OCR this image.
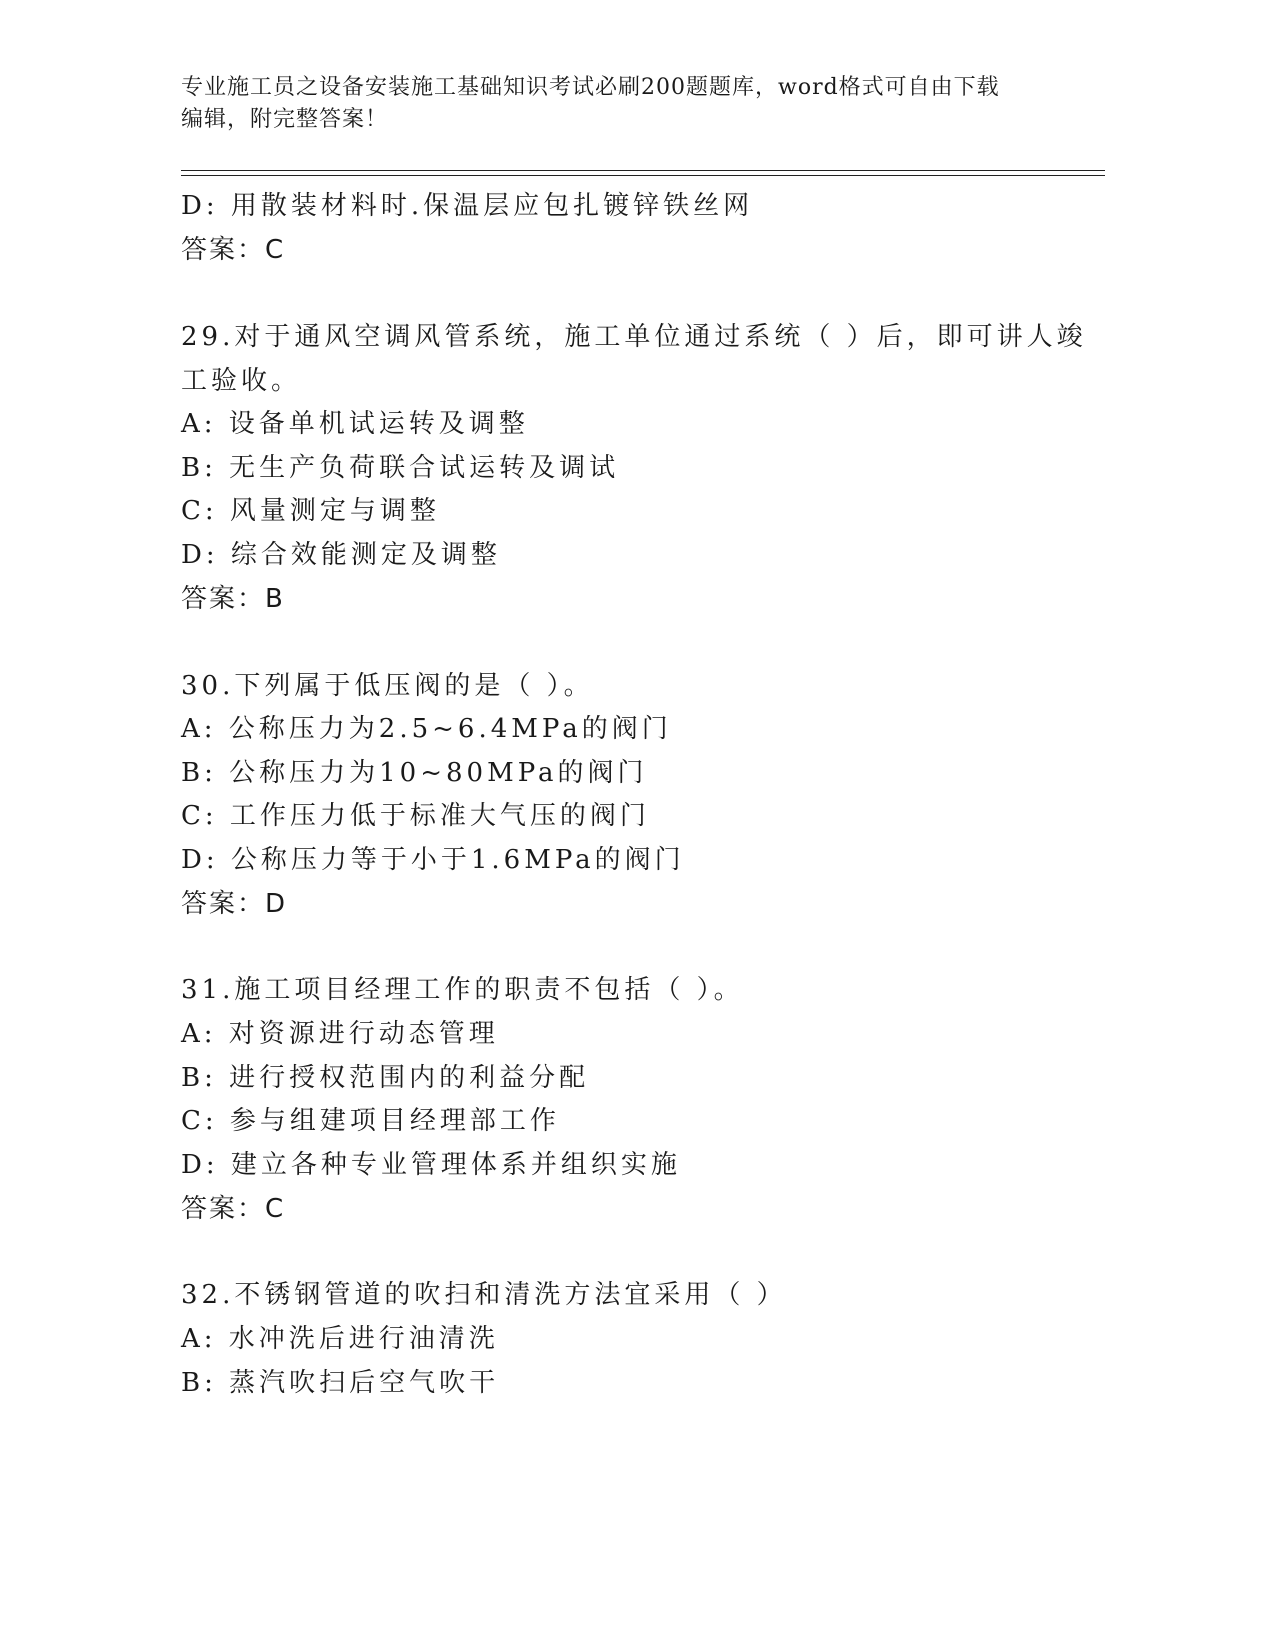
专业施工员之设备安装施工基础知识考试必刷200题题库，word格式可自由下载
编辑，附完整答案！
D: 用散装材料时.保温层应包扎镀锌铁丝网
答案：C
29.对于通风空调风管系统，施工单位通过系统（ ）后，即可讲人竣
工验收。
A: 设备单机试运转及调整
B: 无生产负荷联合试运转及调试
C: 风量测定与调整
D: 综合效能测定及调整
答案：B
30.下列属于低压阀的是（ ）。
A: 公称压力为2.5~6.4MPa的阀门
B: 公称压力为10~80MPa的阀门
C: 工作压力低于标准大气压的阀门
D: 公称压力等于小于1.6MPa的阀门
答案：D
31.施工项目经理工作的职责不包括（ ）。
A: 对资源进行动态管理
B: 进行授权范围内的利益分配
C: 参与组建项目经理部工作
D: 建立各种专业管理体系并组织实施
答案：C
32.不锈钢管道的吹扫和清洗方法宜采用（ ）
A: 水冲洗后进行油清洗
B: 蒸汽吹扫后空气吹干
